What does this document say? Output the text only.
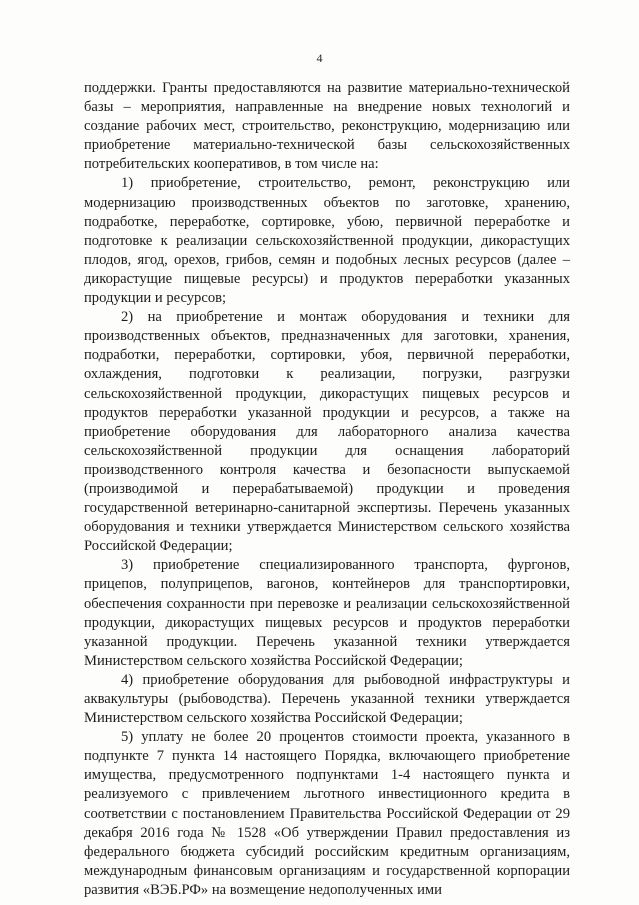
4

поддержки. Гранты предоставляются на развитие материально-технической базы – мероприятия, направленные на внедрение новых технологий и создание рабочих мест, строительство, реконструкцию, модернизацию или приобретение материально-технической базы сельскохозяйственных потребительских кооперативов, в том числе на:

1) приобретение, строительство, ремонт, реконструкцию или модернизацию производственных объектов по заготовке, хранению, подработке, переработке, сортировке, убою, первичной переработке и подготовке к реализации сельскохозяйственной продукции, дикорастущих плодов, ягод, орехов, грибов, семян и подобных лесных ресурсов (далее – дикорастущие пищевые ресурсы) и продуктов переработки указанных продукции и ресурсов;

2) на приобретение и монтаж оборудования и техники для производственных объектов, предназначенных для заготовки, хранения, подработки, переработки, сортировки, убоя, первичной переработки, охлаждения, подготовки к реализации, погрузки, разгрузки сельскохозяйственной продукции, дикорастущих пищевых ресурсов и продуктов переработки указанной продукции и ресурсов, а также на приобретение оборудования для лабораторного анализа качества сельскохозяйственной продукции для оснащения лабораторий производственного контроля качества и безопасности выпускаемой (производимой и перерабатываемой) продукции и проведения государственной ветеринарно-санитарной экспертизы. Перечень указанных оборудования и техники утверждается Министерством сельского хозяйства Российской Федерации;

3) приобретение специализированного транспорта, фургонов, прицепов, полуприцепов, вагонов, контейнеров для транспортировки, обеспечения сохранности при перевозке и реализации сельскохозяйственной продукции, дикорастущих пищевых ресурсов и продуктов переработки указанной продукции. Перечень указанной техники утверждается Министерством сельского хозяйства Российской Федерации;

4) приобретение оборудования для рыбоводной инфраструктуры и аквакультуры (рыбоводства). Перечень указанной техники утверждается Министерством сельского хозяйства Российской Федерации;

5) уплату не более 20 процентов стоимости проекта, указанного в подпункте 7 пункта 14 настоящего Порядка, включающего приобретение имущества, предусмотренного подпунктами 1-4 настоящего пункта и реализуемого с привлечением льготного инвестиционного кредита в соответствии с постановлением Правительства Российской Федерации от 29 декабря 2016 года № 1528 «Об утверждении Правил предоставления из федерального бюджета субсидий российским кредитным организациям, международным финансовым организациям и государственной корпорации развития «ВЭБ.РФ» на возмещение недополученных ими
